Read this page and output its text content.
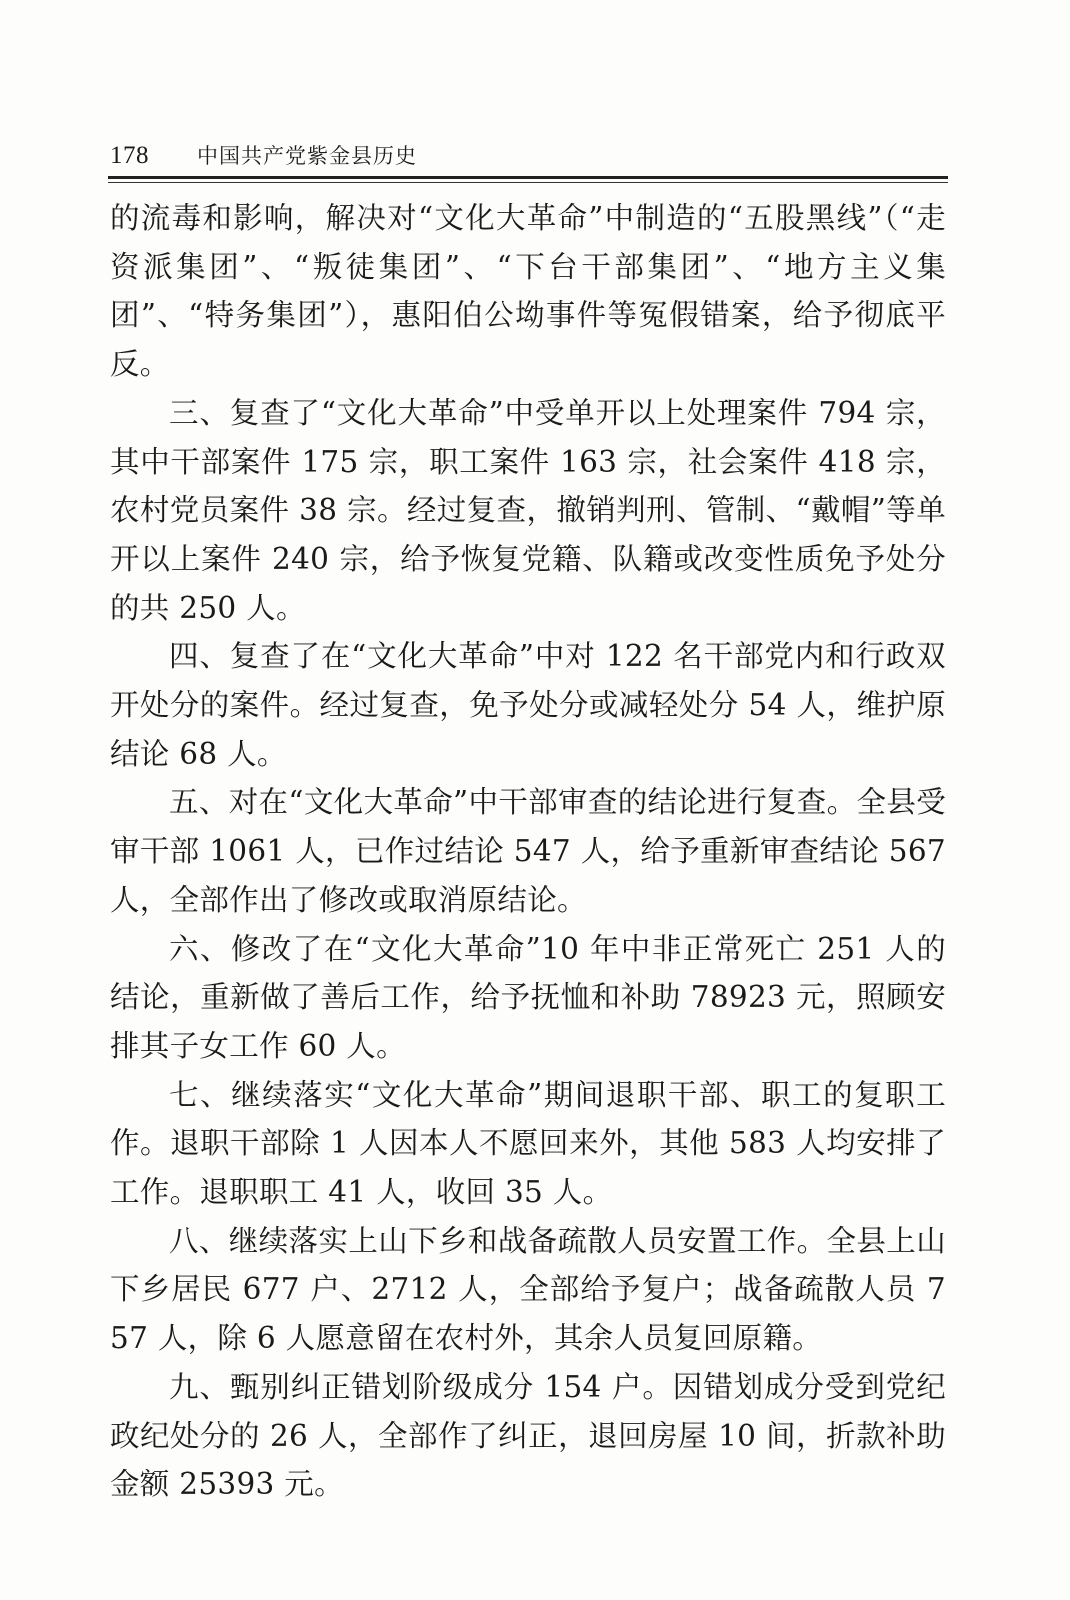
178 中国共产党紫金县历史

的流毒和影响，解决对“文化大革命”中制造的“五股黑线”（“走资派集团”、“叛徒集团”、“下台干部集团”、“地方主义集团”、“特务集团”），惠阳伯公坳事件等冤假错案，给予彻底平反。

三、复查了“文化大革命”中受单开以上处理案件 794 宗，其中干部案件 175 宗，职工案件 163 宗，社会案件 418 宗，农村党员案件 38 宗。经过复查，撤销判刑、管制、“戴帽”等单开以上案件 240 宗，给予恢复党籍、队籍或改变性质免予处分的共 250 人。

四、复查了在“文化大革命”中对 122 名干部党内和行政双开处分的案件。经过复查，免予处分或减轻处分 54 人，维护原结论 68 人。

五、对在“文化大革命”中干部审查的结论进行复查。全县受审干部 1061 人，已作过结论 547 人，给予重新审查结论 567 人，全部作出了修改或取消原结论。

六、修改了在“文化大革命”10 年中非正常死亡 251 人的结论，重新做了善后工作，给予抚恤和补助 78923 元，照顾安排其子女工作 60 人。

七、继续落实“文化大革命”期间退职干部、职工的复职工作。退职干部除 1 人因本人不愿回来外，其他 583 人均安排了工作。退职职工 41 人，收回 35 人。

八、继续落实上山下乡和战备疏散人员安置工作。全县上山下乡居民 677 户、2712 人，全部给予复户；战备疏散人员 757 人，除 6 人愿意留在农村外，其余人员复回原籍。

九、甄别纠正错划阶级成分 154 户。因错划成分受到党纪政纪处分的 26 人，全部作了纠正，退回房屋 10 间，折款补助金额 25393 元。
